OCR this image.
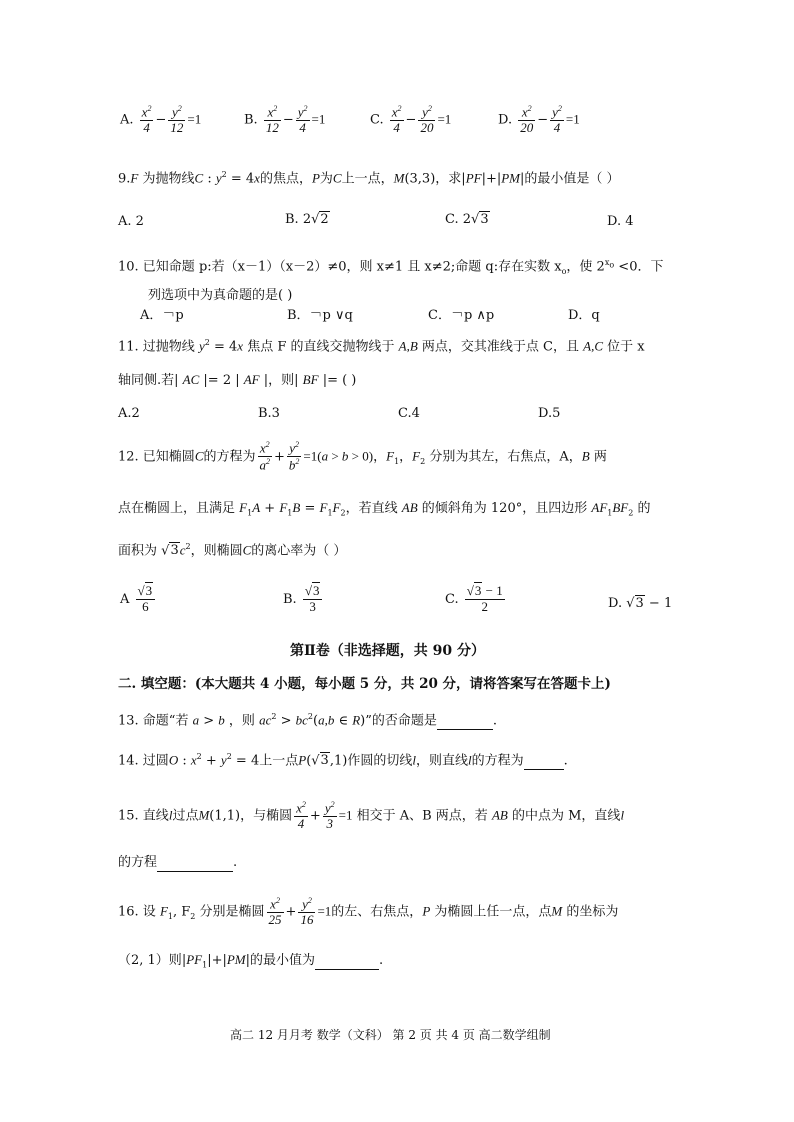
A. $\frac{x^2}{4} - \frac{y^2}{12} =1$	B. $\frac{x^2}{12} - \frac{y^2}{4} =1$	C. $\frac{x^2}{4} - \frac{y^2}{20} =1$	D. $\frac{x^2}{20} - \frac{y^2}{4} =1$
9.F 为抛物线C : $y^2 = 4x$的焦点，P为C上一点，M(3,3)，求|PF|+|PM|的最小值是（ ）
A. 2	B. 2√2	C. 2√3	D. 4
10. 已知命题 p:若（x－1）（x－2）≠0，则 x≠1 且 x≠2;命题 q:存在实数 $x_o$，使 $2^{x_o} <0$．下
列选项中为真命题的是( )
A．￢p	B．￢p ∨q	C．￢p ∧p	D．q
11. 过抛物线 $y^2 = 4x$ 焦点 F 的直线交抛物线于 A,B 两点，交其准线于点 C，且 A,C 位于 x
轴同侧.若| AC |= 2 | AF |，则| BF |= ( )
A.2	B.3	C.4	D.5
12. 已知椭圆C的方程为 $\frac{x^2}{a^2} + \frac{y^2}{b^2} =1(a > b > 0)$，$F_1$，$F_2$ 分别为其左，右焦点，A，B 两
点在椭圆上，且满足 $F_1A + F_1B = F_1F_2$，若直线 AB 的倾斜角为 120°，且四边形 $AF_1BF_2$ 的
面积为 $√3c^2$，则椭圆C的离心率为（ ）
A $\frac{√3}{6}$	B. $\frac{√3}{3}$	C. $\frac{√3 - 1}{2}$	D. √3 − 1
第Ⅱ卷（非选择题，共 90 分）
二. 填空题：(本大题共 4 小题，每小题 5 分，共 20 分，请将答案写在答题卡上)
13. 命题“若 a > b ，则 $ac^2 > bc^2(a,b$ ∈ R)”的否命题是	.
14. 过圆O : $x^2 + y^2 = 4$上一点P(√3,1)作圆的切线l，则直线l的方程为	.
15. 直线l过点M(1,1)，与椭圆 $\frac{x^2}{4} + \frac{y^2}{3} =1$ 相交于 A、B 两点，若 AB 的中点为 M，直线l
的方程	.
16. 设 $F_1$, $F_2$ 分别是椭圆 $\frac{x^2}{25} + \frac{y^2}{16} =1$的左、右焦点，P 为椭圆上任一点，点M 的坐标为
（2, 1）则$|PF_1|+|PM|$的最小值为	.
高二 12 月月考 数学（文科） 第 2 页 共 4 页 高二数学组制
